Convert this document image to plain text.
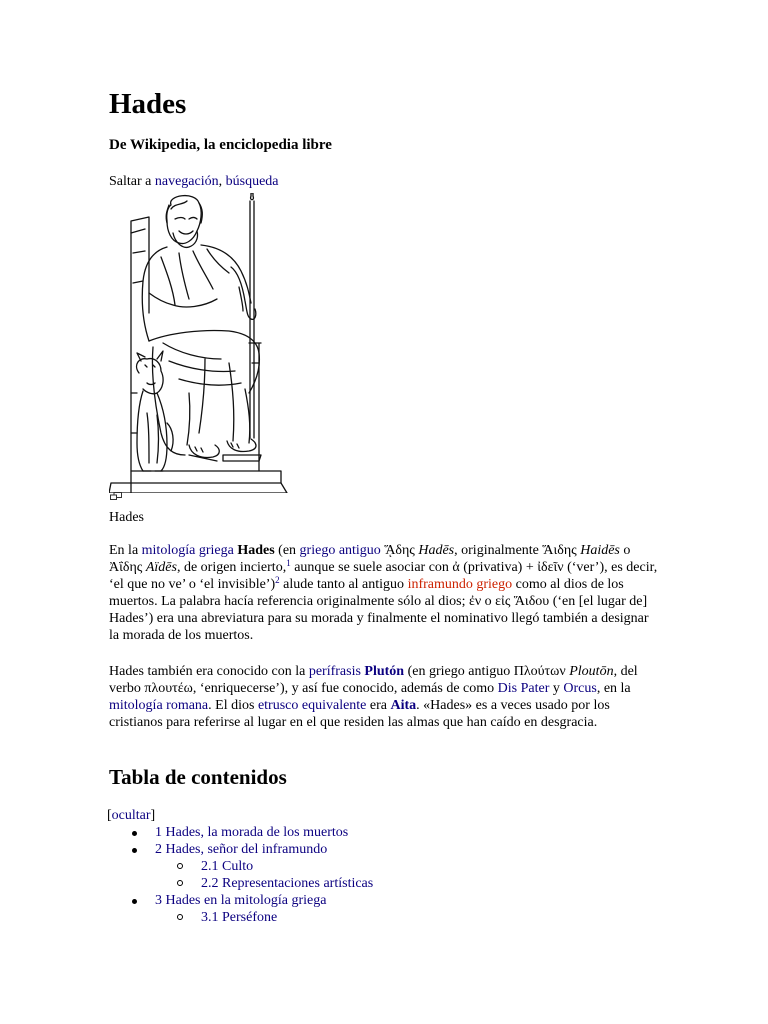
Hades

De Wikipedia, la enciclopedia libre

Saltar a navegación, búsqueda

Hades

En la mitología griega Hades (en griego antiguo ᾍδης Hadēs, originalmente Ἅιδης Haidēs o Ἀΐδης Aïdēs, de origen incierto,$^1$ aunque se suele asociar con ἀ (privativa) + ἰδεῖν (‘ver’), es decir, ‘el que no ve’ o ‘el invisible’)$^2$ alude tanto al antiguo inframundo griego como al dios de los muertos. La palabra hacía referencia originalmente sólo al dios; ἐν ο εἰς Ἅιδου (‘en [el lugar de] Hades’) era una abreviatura para su morada y finalmente el nominativo llegó también a designar la morada de los muertos.

Hades también era conocido con la perífrasis Plutón (en griego antiguo Πλούτων Ploutōn, del verbo πλουτέω, ‘enriquecerse’), y así fue conocido, además de como Dis Pater y Orcus, en la mitología romana. El dios etrusco equivalente era Aita. «Hades» es a veces usado por los cristianos para referirse al lugar en el que residen las almas que han caído en desgracia.

Tabla de contenidos

[ocultar]

1 Hades, la morada de los muertos
2 Hades, señor del inframundo
2.1 Culto
2.2 Representaciones artísticas
3 Hades en la mitología griega
3.1 Perséfone
